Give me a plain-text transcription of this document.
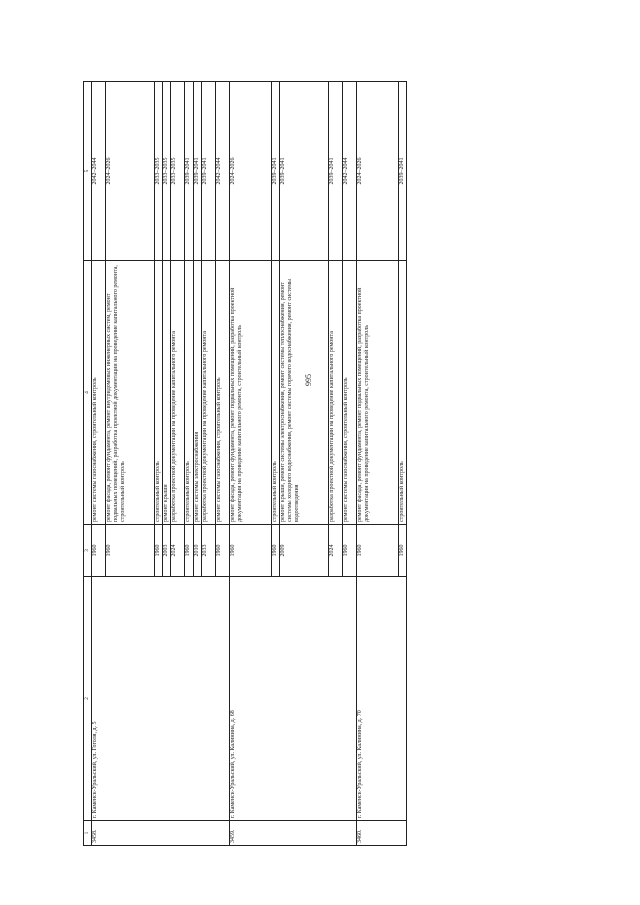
995
1	2	3	4	5
3458.	г. Каменск-Уральский, ул. Гоголя, д. 5	1960	ремонт системы газоснабжения, строительный контроль	2042–2044
		1960	ремонт фасада, ремонт фундамента, ремонт внутридомовых инженерных систем, ремонт подвальных помещений, разработка проектной документации на проведение капитального ремонта, строительный контроль	2024–2026
		1960	строительный контроль	2033–2035
		2003	ремонт крыши	2033–2035
		2024	разработка проектной документации на проведение капитального ремонта	2033–2035
		1960	строительный контроль	2039–2041
		2010	ремонт системы электроснабжения	2039–2041
		2033	разработка проектной документации на проведение капитального ремонта	2039–2041
		1960	ремонт системы газоснабжения, строительный контроль	2042–2044
3459.	г. Каменск-Уральский, ул. Калинина, д. 68	1960	ремонт фасада, ремонт фундамента, ремонт подвальных помещений, разработка проектной документации на проведение капитального ремонта, строительный контроль	2024–2026
		1960	строительный контроль	2039–2041
		2009	ремонт крыши, ремонт системы электроснабжения, ремонт системы теплоснабжения, ремонт системы холодного водоснабжения, ремонт системы горячего водоснабжения, ремонт системы водоотведения	2039–2041
		2024	разработка проектной документации на проведение капитального ремонта	2039–2041
		1960	ремонт системы газоснабжения, строительный контроль	2042–2044
3460.	г. Каменск-Уральский, ул. Калинина, д. 70	1960	ремонт фасада, ремонт фундамента, ремонт подвальных помещений, разработка проектной документации на проведение капитального ремонта, строительный контроль	2024–2026
		1960	строительный контроль	2039–2041
